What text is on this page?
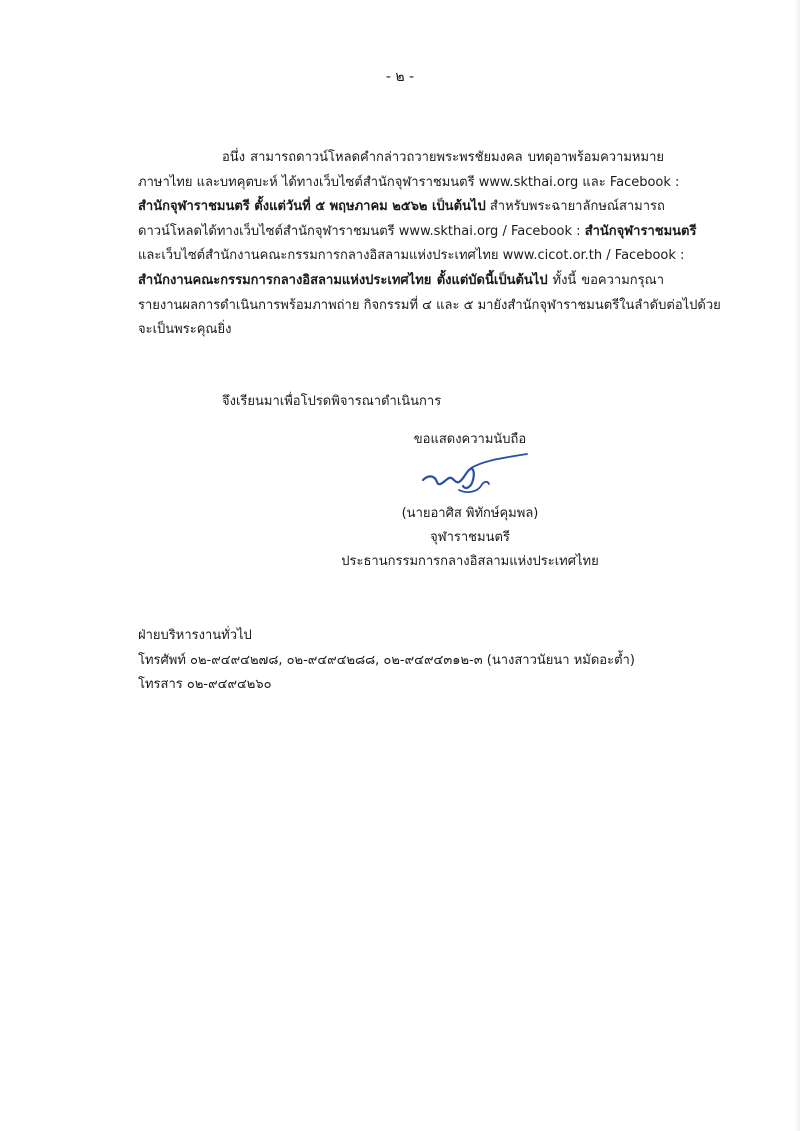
- ๒ -
อนึ่ง สามารถดาวน์โหลดคำกล่าวถวายพระพรชัยมงคล บทดุอาพร้อมความหมาย
ภาษาไทย และบทคุตบะห์ ได้ทางเว็บไซต์สำนักจุฬาราชมนตรี www.skthai.org และ Facebook :
สำนักจุฬาราชมนตรี ตั้งแต่วันที่ ๕ พฤษภาคม ๒๕๖๒ เป็นต้นไป สำหรับพระฉายาลักษณ์สามารถ
ดาวน์โหลดได้ทางเว็บไซต์สำนักจุฬาราชมนตรี www.skthai.org / Facebook : สำนักจุฬาราชมนตรี
และเว็บไซต์สำนักงานคณะกรรมการกลางอิสลามแห่งประเทศไทย www.cicot.or.th / Facebook :
สำนักงานคณะกรรมการกลางอิสลามแห่งประเทศไทย ตั้งแต่บัดนี้เป็นต้นไป ทั้งนี้ ขอความกรุณา
รายงานผลการดำเนินการพร้อมภาพถ่าย กิจกรรมที่ ๔ และ ๕ มายังสำนักจุฬาราชมนตรีในลำดับต่อไปด้วย
จะเป็นพระคุณยิ่ง
จึงเรียนมาเพื่อโปรดพิจารณาดำเนินการ
ขอแสดงความนับถือ
(นายอาศิส พิทักษ์คุมพล)
จุฬาราชมนตรี
ประธานกรรมการกลางอิสลามแห่งประเทศไทย
ฝ่ายบริหารงานทั่วไป
โทรศัพท์ ๐๒-๙๔๙๔๒๗๘, ๐๒-๙๔๙๔๒๘๘, ๐๒-๙๔๙๔๓๑๒-๓ (นางสาวนัยนา หมัดอะต้ำ)
โทรสาร ๐๒-๙๔๙๔๒๖๐
